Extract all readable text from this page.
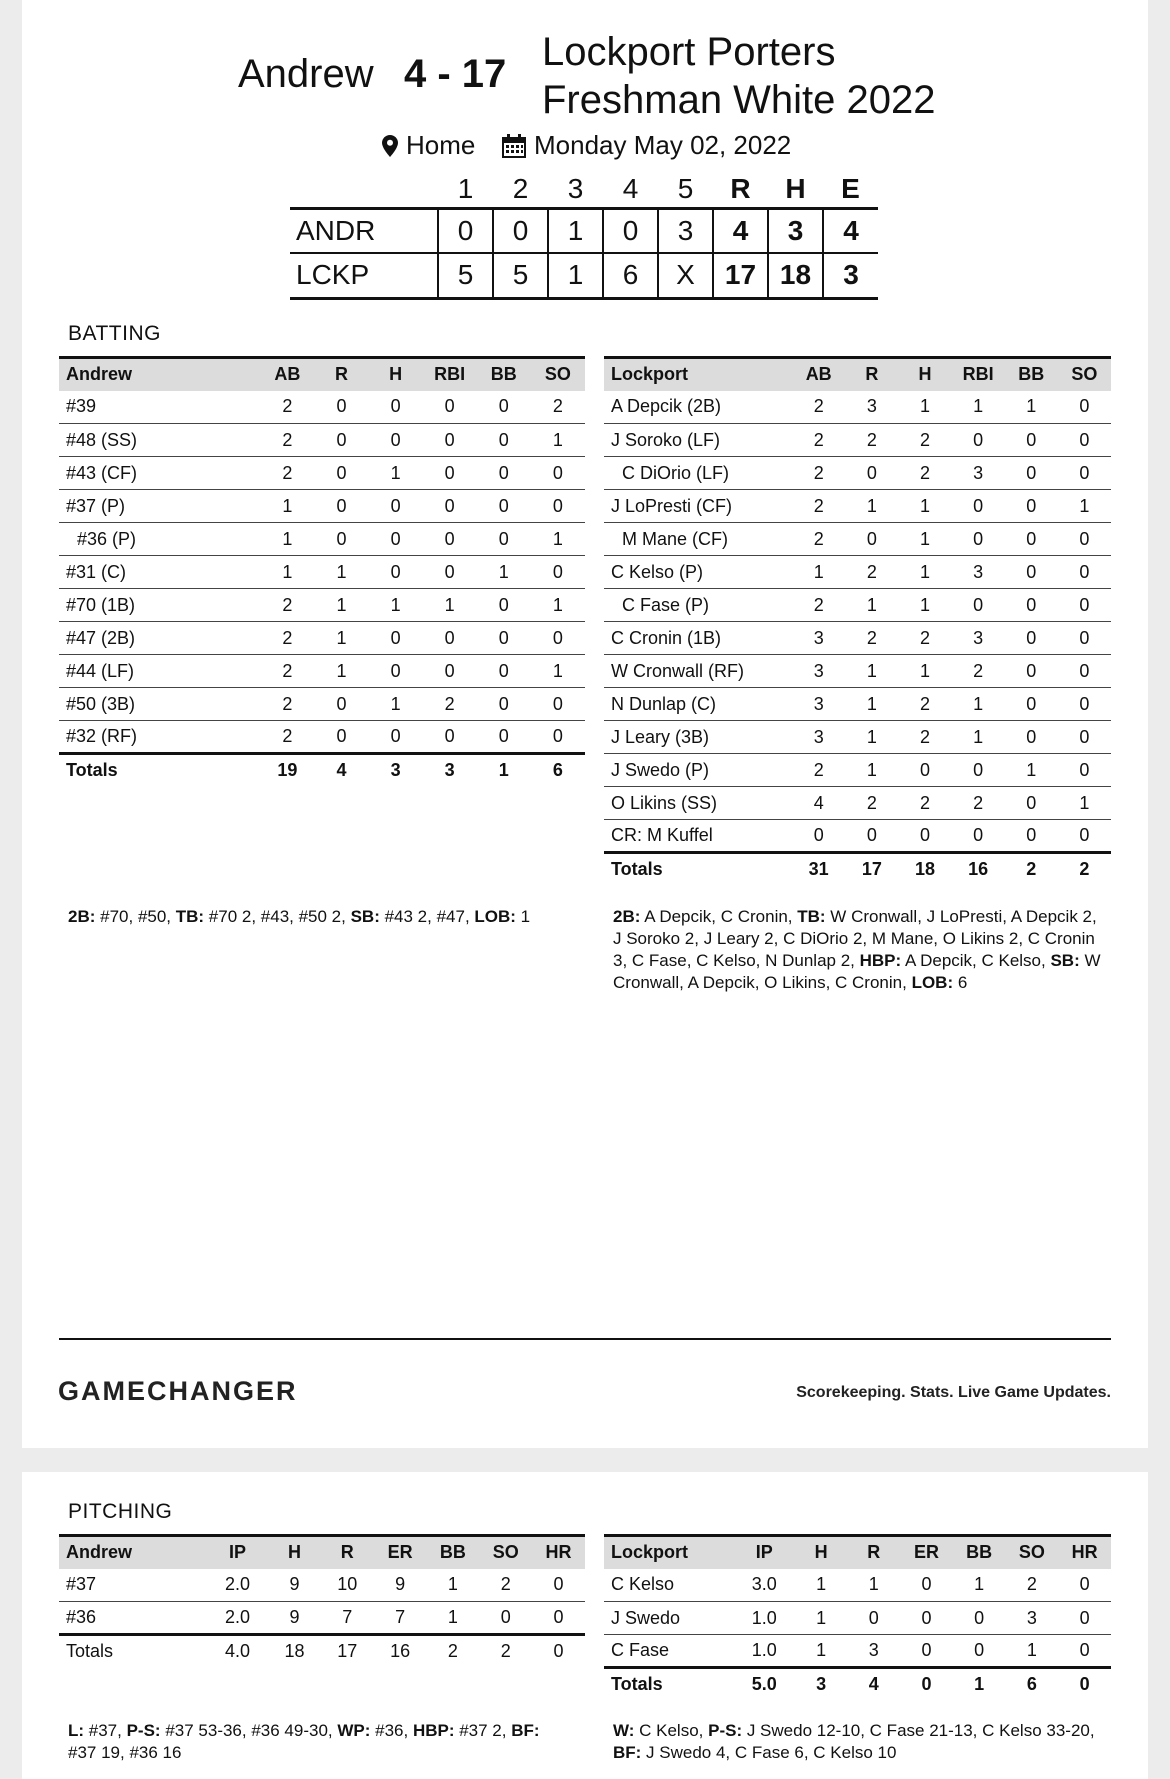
Andrew 4 - 17 Lockport Porters
Freshman White 2022
Home Monday May 02, 2022
	1	2	3	4	5	R	H	E
ANDR	0	0	1	0	3	4	3	4
LCKP	5	5	1	6	X	17	18	3
BATTING
Andrew	AB	R	H	RBI	BB	SO
#39	2	0	0	0	0	2
#48 (SS)	2	0	0	0	0	1
#43 (CF)	2	0	1	0	0	0
#37 (P)	1	0	0	0	0	0
#36 (P)	1	0	0	0	0	1
#31 (C)	1	1	0	0	1	0
#70 (1B)	2	1	1	1	0	1
#47 (2B)	2	1	0	0	0	0
#44 (LF)	2	1	0	0	0	1
#50 (3B)	2	0	1	2	0	0
#32 (RF)	2	0	0	0	0	0
Totals	19	4	3	3	1	6
Lockport	AB	R	H	RBI	BB	SO
A Depcik (2B)	2	3	1	1	1	0
J Soroko (LF)	2	2	2	0	0	0
C DiOrio (LF)	2	0	2	3	0	0
J LoPresti (CF)	2	1	1	0	0	1
M Mane (CF)	2	0	1	0	0	0
C Kelso (P)	1	2	1	3	0	0
C Fase (P)	2	1	1	0	0	0
C Cronin (1B)	3	2	2	3	0	0
W Cronwall (RF)	3	1	1	2	0	0
N Dunlap (C)	3	1	2	1	0	0
J Leary (3B)	3	1	2	1	0	0
J Swedo (P)	2	1	0	0	1	0
O Likins (SS)	4	2	2	2	0	1
CR: M Kuffel	0	0	0	0	0	0
Totals	31	17	18	16	2	2
2B: #70, #50, TB: #70 2, #43, #50 2, SB: #43 2, #47, LOB: 1	2B: A Depcik, C Cronin, TB: W Cronwall, J LoPresti, A Depcik 2, J Soroko 2, J Leary 2, C DiOrio 2, M Mane, O Likins 2, C Cronin 3, C Fase, C Kelso, N Dunlap 2, HBP: A Depcik, C Kelso, SB: W Cronwall, A Depcik, O Likins, C Cronin, LOB: 6
GAMECHANGER	Scorekeeping. Stats. Live Game Updates.
PITCHING
Andrew	IP	H	R	ER	BB	SO	HR
#37	2.0	9	10	9	1	2	0
#36	2.0	9	7	7	1	0	0
Totals	4.0	18	17	16	2	2	0
Lockport	IP	H	R	ER	BB	SO	HR
C Kelso	3.0	1	1	0	1	2	0
J Swedo	1.0	1	0	0	0	3	0
C Fase	1.0	1	3	0	0	1	0
Totals	5.0	3	4	0	1	6	0
L: #37, P-S: #37 53-36, #36 49-30, WP: #36, HBP: #37 2, BF: #37 19, #36 16
W: C Kelso, P-S: J Swedo 12-10, C Fase 21-13, C Kelso 33-20, BF: J Swedo 4, C Fase 6, C Kelso 10
